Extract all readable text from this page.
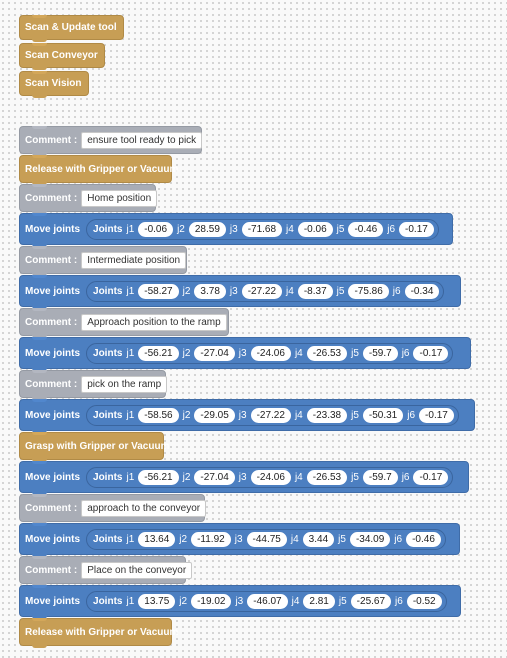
Scan & Update tool
Scan Conveyor
Scan Vision
Comment :	ensure tool ready to pick
Release with Gripper or Vacuum
Comment :	Home position
Move joints Joints j1	-0.06	j2	28.59	j3	-71.68	j4	-0.06	j5	-0.46	j6	-0.17
Comment :	Intermediate position
Move joints Joints j1	-58.27	j2	3.78	j3	-27.22	j4	-8.37	j5	-75.86	j6	-0.34
Comment :	Approach position to the ramp
Move joints Joints j1	-56.21	j2	-27.04	j3	-24.06	j4	-26.53	j5	-59.7	j6	-0.17
Comment :	pick on the ramp
Move joints Joints j1	-58.56	j2	-29.05	j3	-27.22	j4	-23.38	j5	-50.31	j6	-0.17
Grasp with Gripper or Vacuum
Move joints Joints j1	-56.21	j2	-27.04	j3	-24.06	j4	-26.53	j5	-59.7	j6	-0.17
Comment :	approach to the conveyor
Move joints Joints j1	13.64	j2	-11.92	j3	-44.75	j4	3.44	j5	-34.09	j6	-0.46
Comment :	Place on the conveyor
Move joints Joints j1	13.75	j2	-19.02	j3	-46.07	j4	2.81	j5	-25.67	j6	-0.52
Release with Gripper or Vacuum
